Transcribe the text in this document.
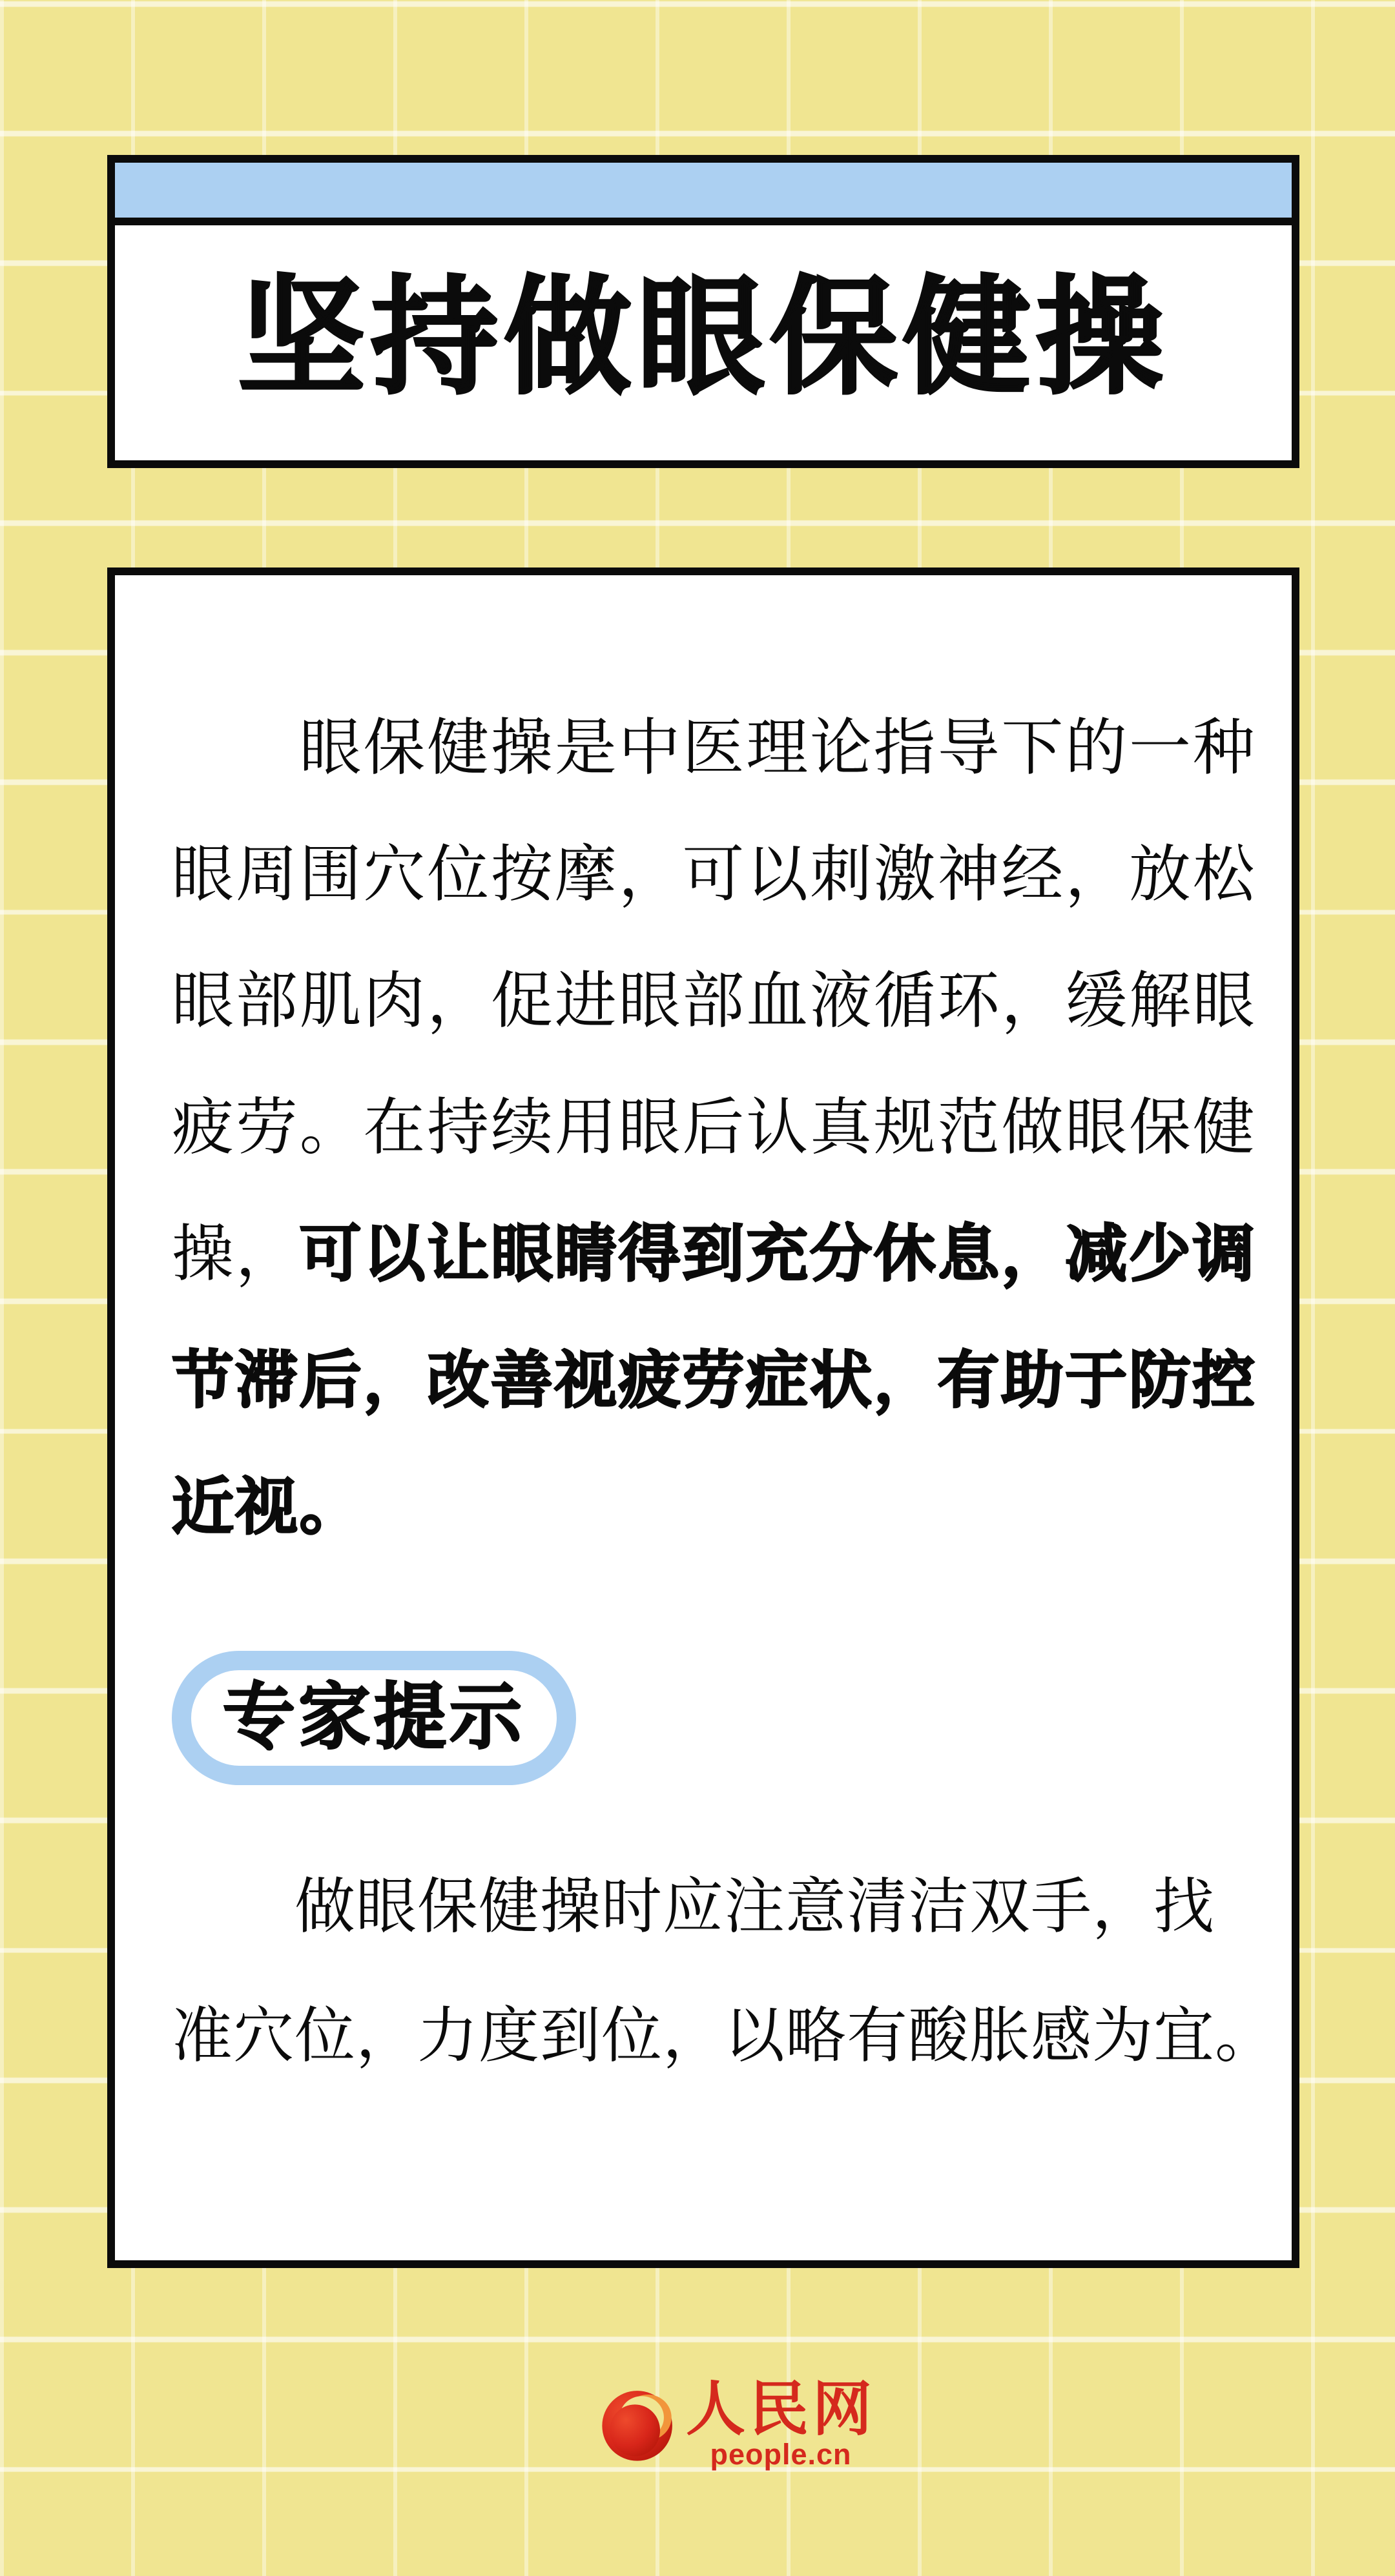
坚持做眼保健操
　　眼保健操是中医理论指导下的一种
眼周围穴位按摩，可以刺激神经，放松
眼部肌肉，促进眼部血液循环，缓解眼
疲劳。在持续用眼后认真规范做眼保健
操，可以让眼睛得到充分休息，减少调
节滞后，改善视疲劳症状，有助于防控
近视。
专家提示
　　做眼保健操时应注意清洁双手，找
准穴位，力度到位，以略有酸胀感为宜。
人民网
people.cn
